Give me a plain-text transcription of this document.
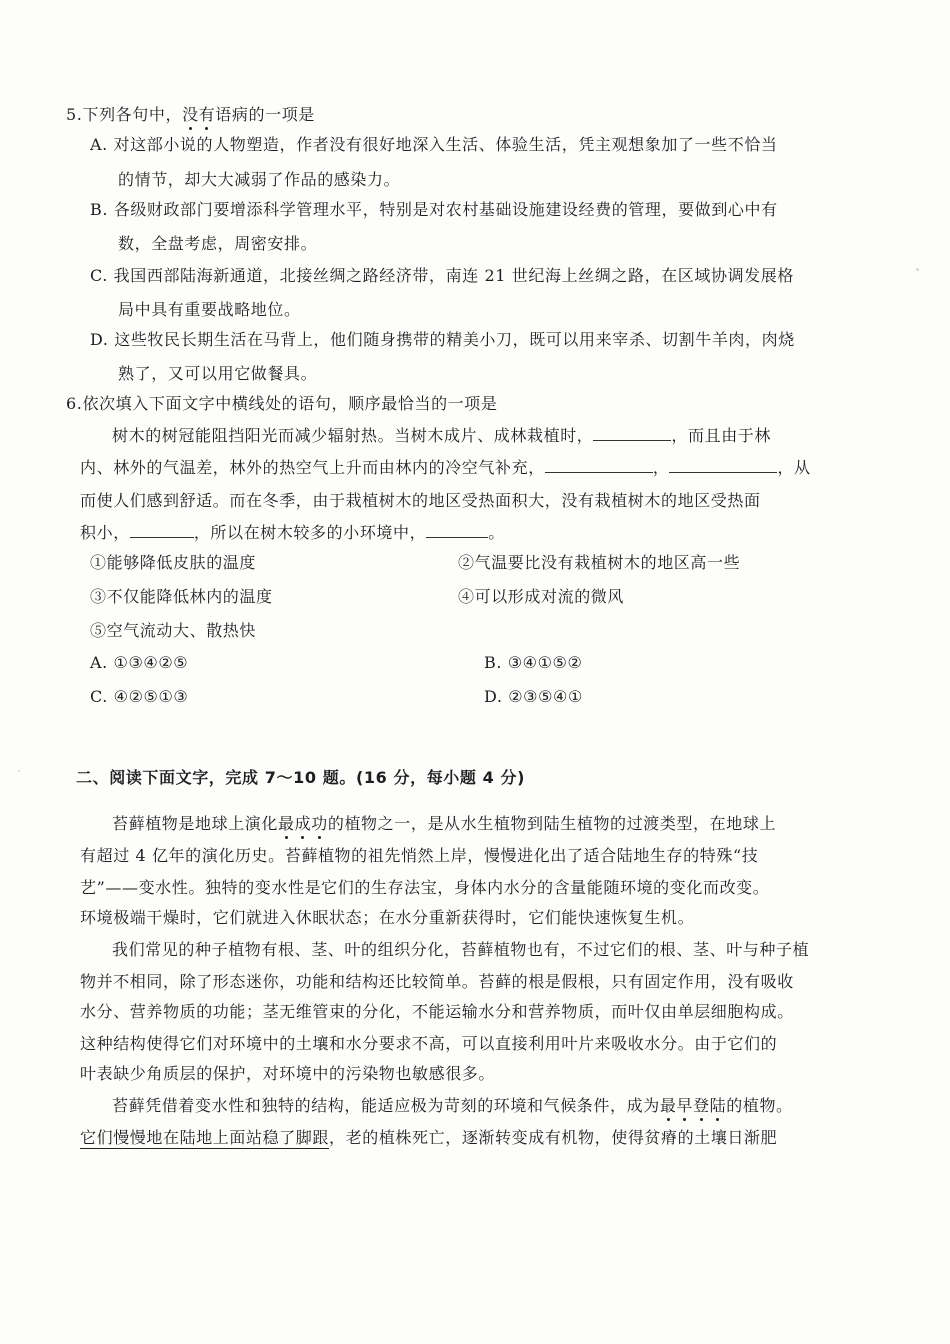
5.下列各句中，没有语病的一项是
A. 对这部小说的人物塑造，作者没有很好地深入生活、体验生活，凭主观想象加了一些不恰当
的情节，却大大减弱了作品的感染力。
B. 各级财政部门要增添科学管理水平，特别是对农村基础设施建设经费的管理，要做到心中有
数，全盘考虑，周密安排。
C. 我国西部陆海新通道，北接丝绸之路经济带，南连 21 世纪海上丝绸之路，在区域协调发展格
局中具有重要战略地位。
D. 这些牧民长期生活在马背上，他们随身携带的精美小刀，既可以用来宰杀、切割牛羊肉，肉烧
熟了，又可以用它做餐具。
6.依次填入下面文字中横线处的语句，顺序最恰当的一项是
树木的树冠能阻挡阳光而减少辐射热。当树木成片、成林栽植时，	，而且由于林
内、林外的气温差，林外的热空气上升而由林内的冷空气补充，	，	，从
而使人们感到舒适。而在冬季，由于栽植树木的地区受热面积大，没有栽植树木的地区受热面
积小，	，所以在树木较多的小环境中，	。
①能够降低皮肤的温度	②气温要比没有栽植树木的地区高一些
③不仅能降低林内的温度	④可以形成对流的微风
⑤空气流动大、散热快
A. ①③④②⑤	B. ③④①⑤②
C. ④②⑤①③	D. ②③⑤④①
二、阅读下面文字，完成 7～10 题。(16 分，每小题 4 分)
苔藓植物是地球上演化最成功的植物之一，是从水生植物到陆生植物的过渡类型，在地球上
有超过 4 亿年的演化历史。苔藓植物的祖先悄然上岸，慢慢进化出了适合陆地生存的特殊“技
艺”——变水性。独特的变水性是它们的生存法宝，身体内水分的含量能随环境的变化而改变。
环境极端干燥时，它们就进入休眠状态；在水分重新获得时，它们能快速恢复生机。
我们常见的种子植物有根、茎、叶的组织分化，苔藓植物也有，不过它们的根、茎、叶与种子植
物并不相同，除了形态迷你，功能和结构还比较简单。苔藓的根是假根，只有固定作用，没有吸收
水分、营养物质的功能；茎无维管束的分化，不能运输水分和营养物质，而叶仅由单层细胞构成。
这种结构使得它们对环境中的土壤和水分要求不高，可以直接利用叶片来吸收水分。由于它们的
叶表缺少角质层的保护，对环境中的污染物也敏感很多。
苔藓凭借着变水性和独特的结构，能适应极为苛刻的环境和气候条件，成为最早登陆的植物。
它们慢慢地在陆地上面站稳了脚跟，老的植株死亡，逐渐转变成有机物，使得贫瘠的土壤日渐肥
